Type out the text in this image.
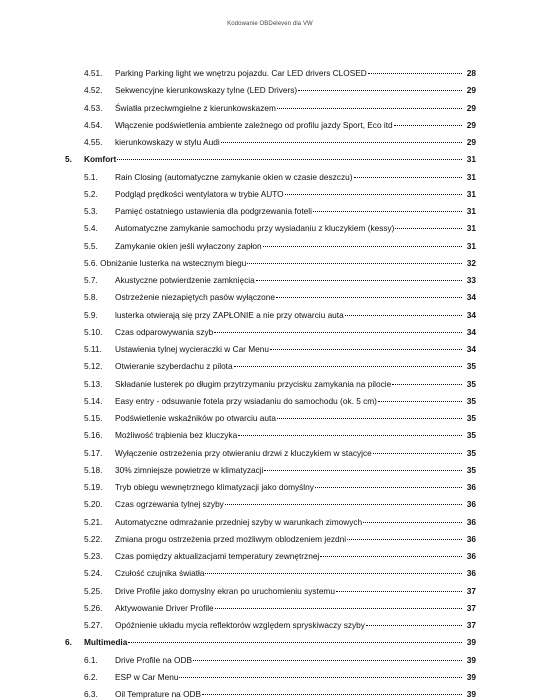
Kodowanie OBDeleven dla VW
4.51. Parking Parking light we wnętrzu pojazdu. Car LED drivers CLOSED	28
4.52. Sekwencyjne kierunkowskazy tylne (LED Drivers)	29
4.53. Światła przeciwmgielne z kierunkowskazem	29
4.54. Włączenie podświetlenia ambiente zależnego od profilu jazdy Sport, Eco itd	29
4.55. kierunkowskazy w stylu Audi	29
5. Komfort	31
5.1. Rain Closing (automatyczne zamykanie okien w czasie deszczu)	31
5.2. Podgląd prędkości wentylatora w trybie AUTO	31
5.3. Pamięć ostatniego ustawienia dla podgrzewania foteli	31
5.4. Automatyczne zamykanie samochodu przy wysiadaniu z kluczykiem (kessy)	31
5.5. Zamykanie okien jeśli wyłaczony zapłon	31
5.6. Obniżanie lusterka na wstecznym biegu	32
5.7. Akustyczne potwierdzenie zamknięcia	33
5.8. Ostrzeżenie niezapiętych pasów wyłączone	34
5.9. lusterka otwierają się przy ZAPŁONIE a nie przy otwarciu auta	34
5.10. Czas odparowywania szyb	34
5.11. Ustawienia tylnej wycieraczki w Car Menu	34
5.12. Otwieranie szyberdachu z pilota	35
5.13. Składanie lusterek po długim przytrzymaniu przycisku zamykania na pilocie	35
5.14. Easy entry - odsuwanie fotela przy wsiadaniu do samochodu (ok. 5 cm)	35
5.15. Podświetlenie wskaźników po otwarciu auta	35
5.16. Możliwość trąbienia bez kluczyka	35
5.17. Wyłączenie ostrzeżenia przy otwieraniu drzwi z kluczykiem w stacyjce	35
5.18. 30% zimniejsze powietrze w klimatyzacji	35
5.19. Tryb obiegu wewnętrznego klimatyzacji jako domyślny	36
5.20. Czas ogrzewania tylnej szyby	36
5.21. Automatyczne odmrażanie przedniej szyby w warunkach zimowych	36
5.22. Zmiana progu ostrzeżenia przed możliwym oblodzeniem jezdni	36
5.23. Czas pomiędzy aktualizacjami temperatury zewnętrznej	36
5.24. Czułość czujnika światła	36
5.25. Drive Profile jako domyslny ekran po uruchomieniu systemu	37
5.26. Aktywowanie Driver Profile	37
5.27. Opóźnienie układu mycia reflektorów względem spryskiwaczy szyby	37
6. Multimedia	39
6.1. Drive Profile na ODB	39
6.2. ESP w Car Menu	39
6.3. Oil Temprature na ODB	39
